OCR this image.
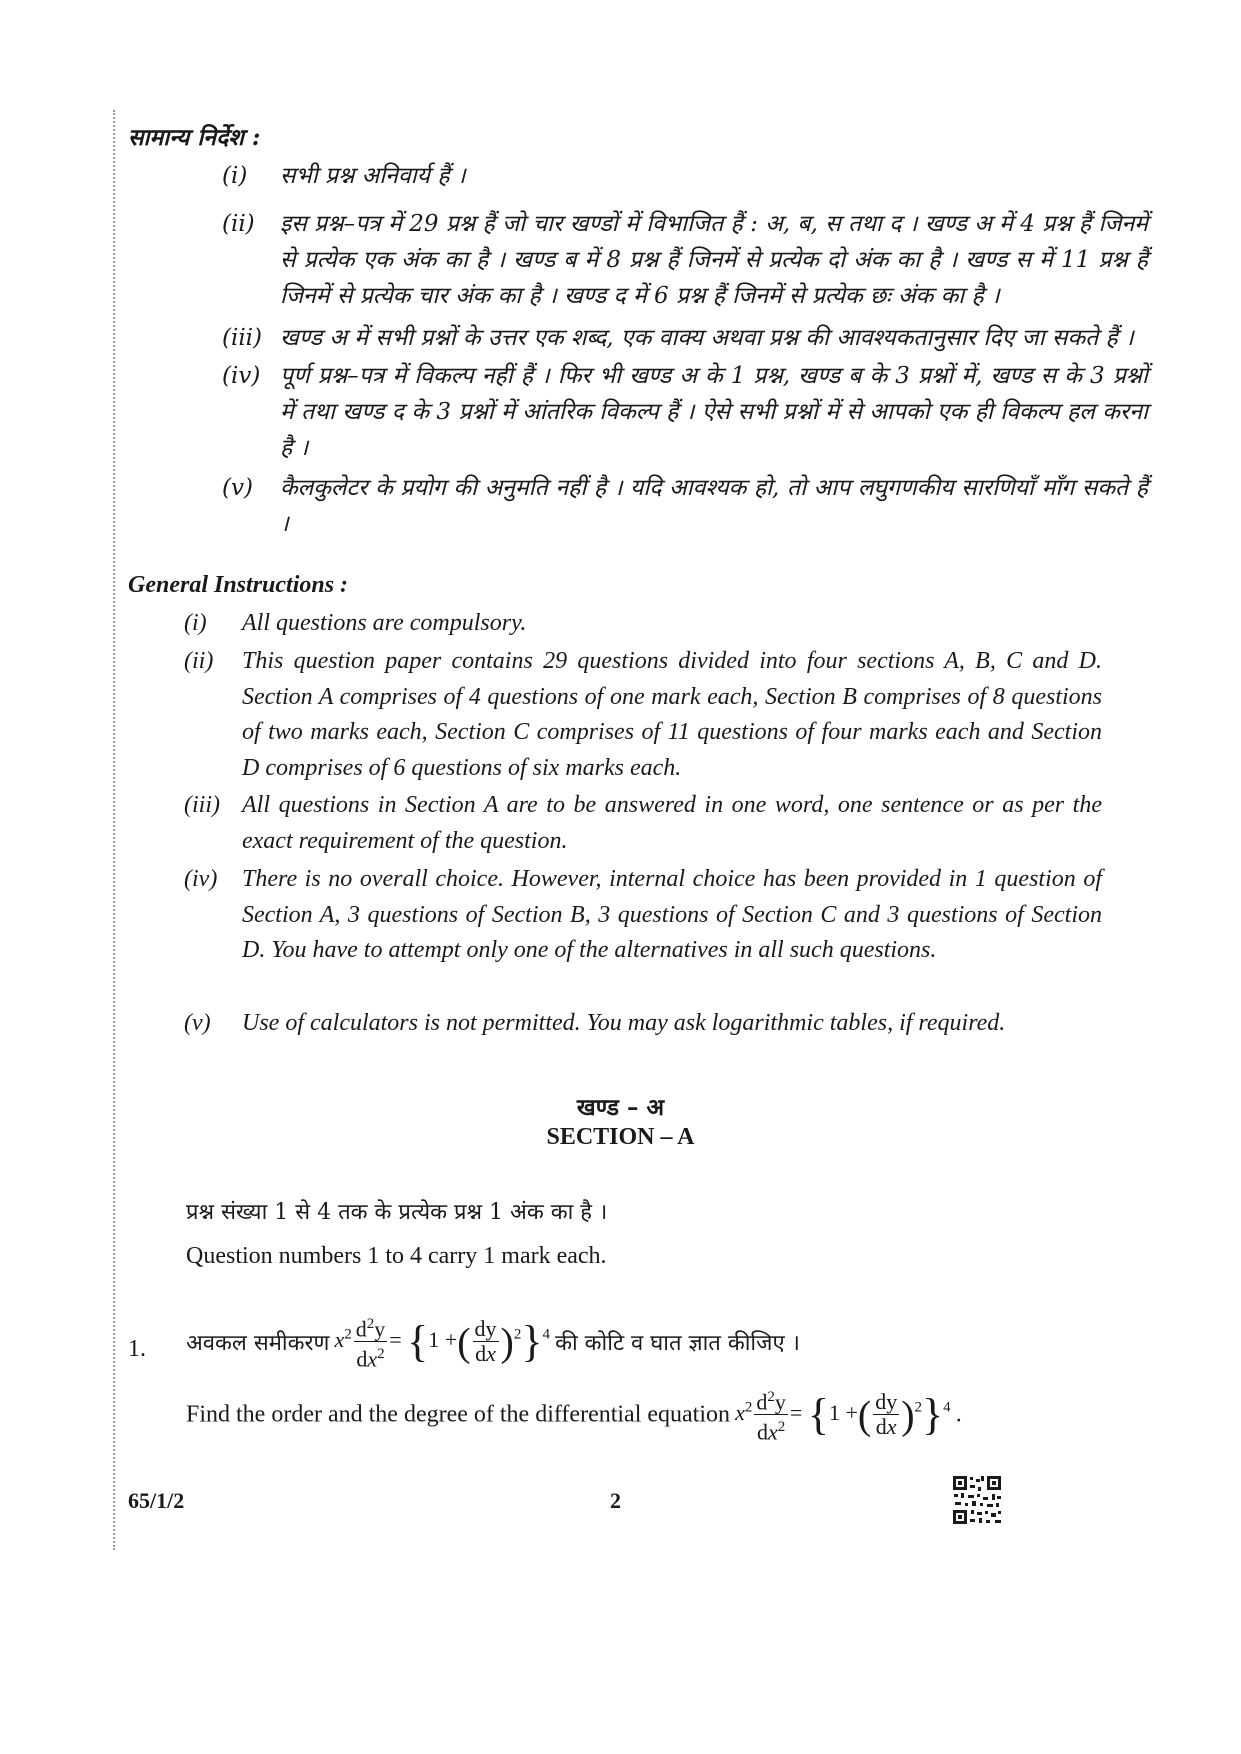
सामान्य निर्देश :
(i)	सभी प्रश्न अनिवार्य हैं ।
(ii)	इस प्रश्न–पत्र में 29 प्रश्न हैं जो चार खण्डों में विभाजित हैं : अ, ब, स तथा द । खण्ड अ में 4 प्रश्न हैं जिनमें से प्रत्येक एक अंक का है । खण्ड ब में 8 प्रश्न हैं जिनमें से प्रत्येक दो अंक का है । खण्ड स में 11 प्रश्न हैं जिनमें से प्रत्येक चार अंक का है । खण्ड द में 6 प्रश्न हैं जिनमें से प्रत्येक छः अंक का है ।
(iii) खण्ड अ में सभी प्रश्नों के उत्तर एक शब्द, एक वाक्य अथवा प्रश्न की आवश्यकतानुसार दिए जा सकते हैं ।
(iv) पूर्ण प्रश्न–पत्र में विकल्प नहीं हैं । फिर भी खण्ड अ के 1 प्रश्न, खण्ड ब के 3 प्रश्नों में, खण्ड स के 3 प्रश्नों में तथा खण्ड द के 3 प्रश्नों में आंतरिक विकल्प हैं । ऐसे सभी प्रश्नों में से आपको एक ही विकल्प हल करना है ।
(v)	कैलकुलेटर के प्रयोग की अनुमति नहीं है । यदि आवश्यक हो, तो आप लघुगणकीय सारणियाँ माँग सकते हैं ।
General Instructions :
(i)	All questions are compulsory.
(ii)	This question paper contains 29 questions divided into four sections A, B, C and D. Section A comprises of 4 questions of one mark each, Section B comprises of 8 questions of two marks each, Section C comprises of 11 questions of four marks each and Section D comprises of 6 questions of six marks each.
(iii) All questions in Section A are to be answered in one word, one sentence or as per the exact requirement of the question.
(iv)	There is no overall choice. However, internal choice has been provided in 1 question of Section A, 3 questions of Section B, 3 questions of Section C and 3 questions of Section D. You have to attempt only one of the alternatives in all such questions.
(v)	Use of calculators is not permitted. You may ask logarithmic tables, if required.
खण्ड – अ
SECTION – A
प्रश्न संख्या 1 से 4 तक के प्रत्येक प्रश्न 1 अंक का है ।
Question numbers 1 to 4 carry 1 mark each.
1. अवकल समीकरण $x^2 \frac{d^2y}{dx^2} = \{1$ +( $\frac{dy}{dx} )^2\}^4$ की कोटि व घात ज्ञात कीजिए ।
Find the order and the degree of the differential equation $x^2 \frac{d^2y}{dx^2} = \{1$ +( $\frac{dy}{dx} )^2\}^4$ .
65/1/2	2
